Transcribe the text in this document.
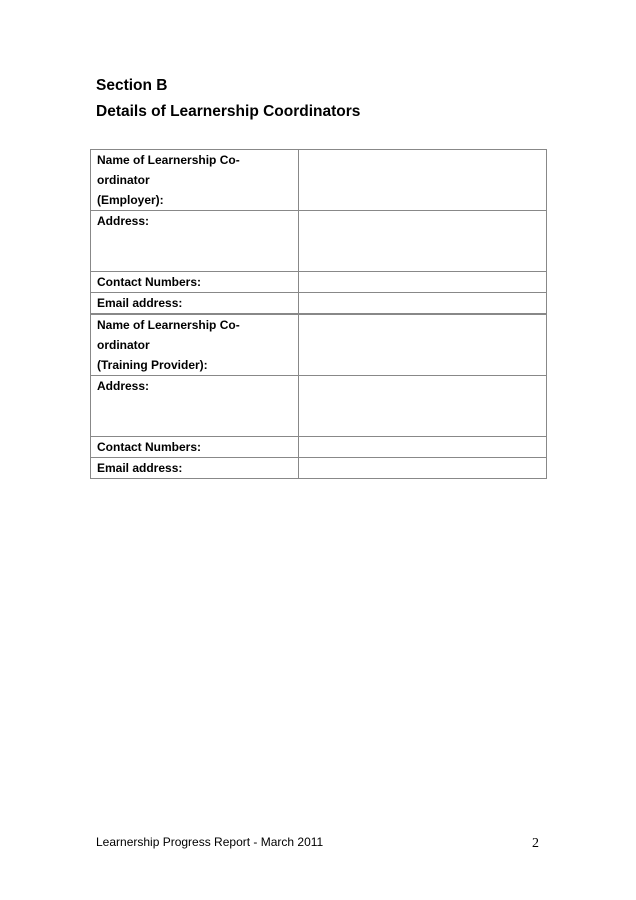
Section B
Details of Learnership Coordinators
Name of Learnership Co-ordinator
(Employer):	
Address:	
Contact Numbers:	
Email address:	
Name of Learnership Co-ordinator
(Training Provider):	
Address:	
Contact Numbers:	
Email address:	
Learnership Progress Report - March 2011	2
